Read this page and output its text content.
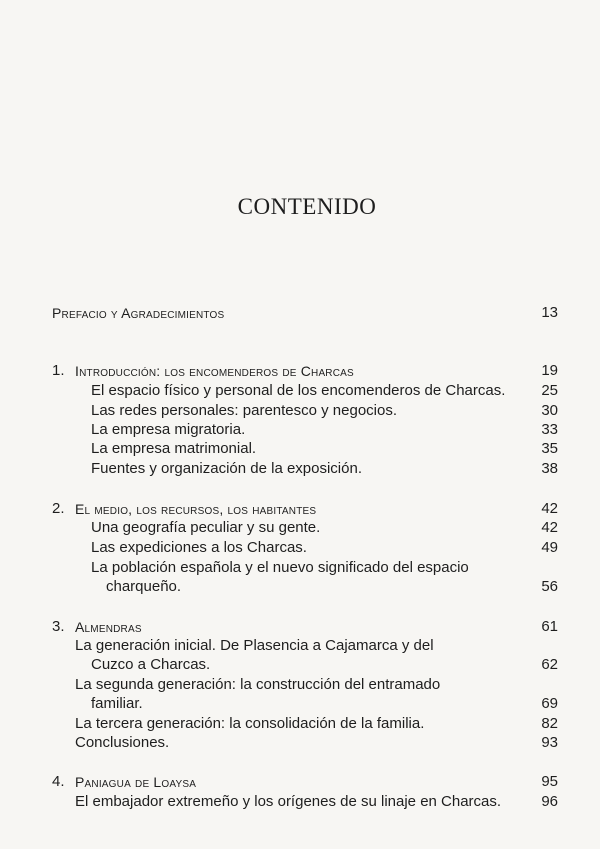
CONTENIDO
Prefacio y Agradecimientos	13
1. Introducción: los encomenderos de Charcas	19
El espacio físico y personal de los encomenderos de Charcas. 25
Las redes personales: parentesco y negocios.	30
La empresa migratoria.	33
La empresa matrimonial.	35
Fuentes y organización de la exposición.	38
2. El medio, los recursos, los habitantes	42
Una geografía peculiar y su gente.	42
Las expediciones a los Charcas.	49
La población española y el nuevo significado del espacio
charqueño.	56
3. Almendras	61
La generación inicial. De Plasencia a Cajamarca y del
Cuzco a Charcas.	62
La segunda generación: la construcción del entramado
familiar.	69
La tercera generación: la consolidación de la familia.	82
Conclusiones.	93
4. Paniagua de Loaysa	95
El embajador extremeño y los orígenes de su linaje en Charcas.	96
